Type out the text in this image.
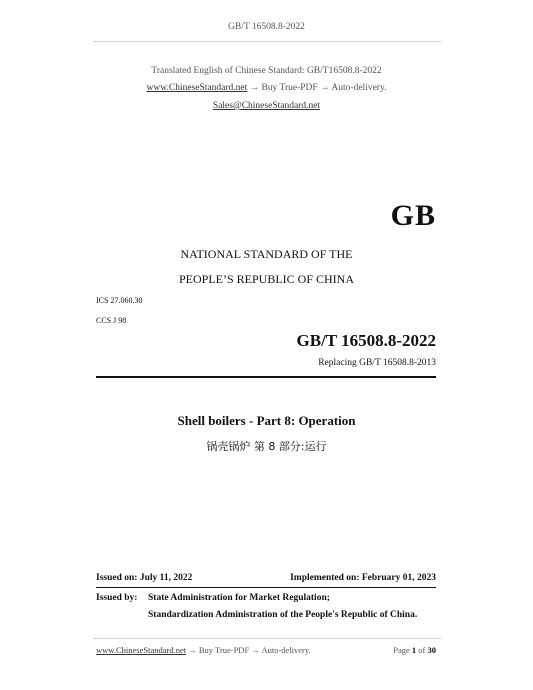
GB/T 16508.8-2022
Translated English of Chinese Standard: GB/T16508.8-2022
www.ChineseStandard.net → Buy True-PDF → Auto-delivery.
Sales@ChineseStandard.net
GB
NATIONAL STANDARD OF THE
PEOPLE’S REPUBLIC OF CHINA
ICS 27.060.30
CCS J 98
GB/T 16508.8-2022
Replacing GB/T 16508.8-2013
Shell boilers - Part 8: Operation
锅壳锅炉 第 8 部分:运行
Issued on: July 11, 2022	Implemented on: February 01, 2023
Issued by: State Administration for Market Regulation;
Standardization Administration of the People's Republic of China.
www.ChineseStandard.net → Buy True-PDF → Auto-delivery.	Page 1 of 30
